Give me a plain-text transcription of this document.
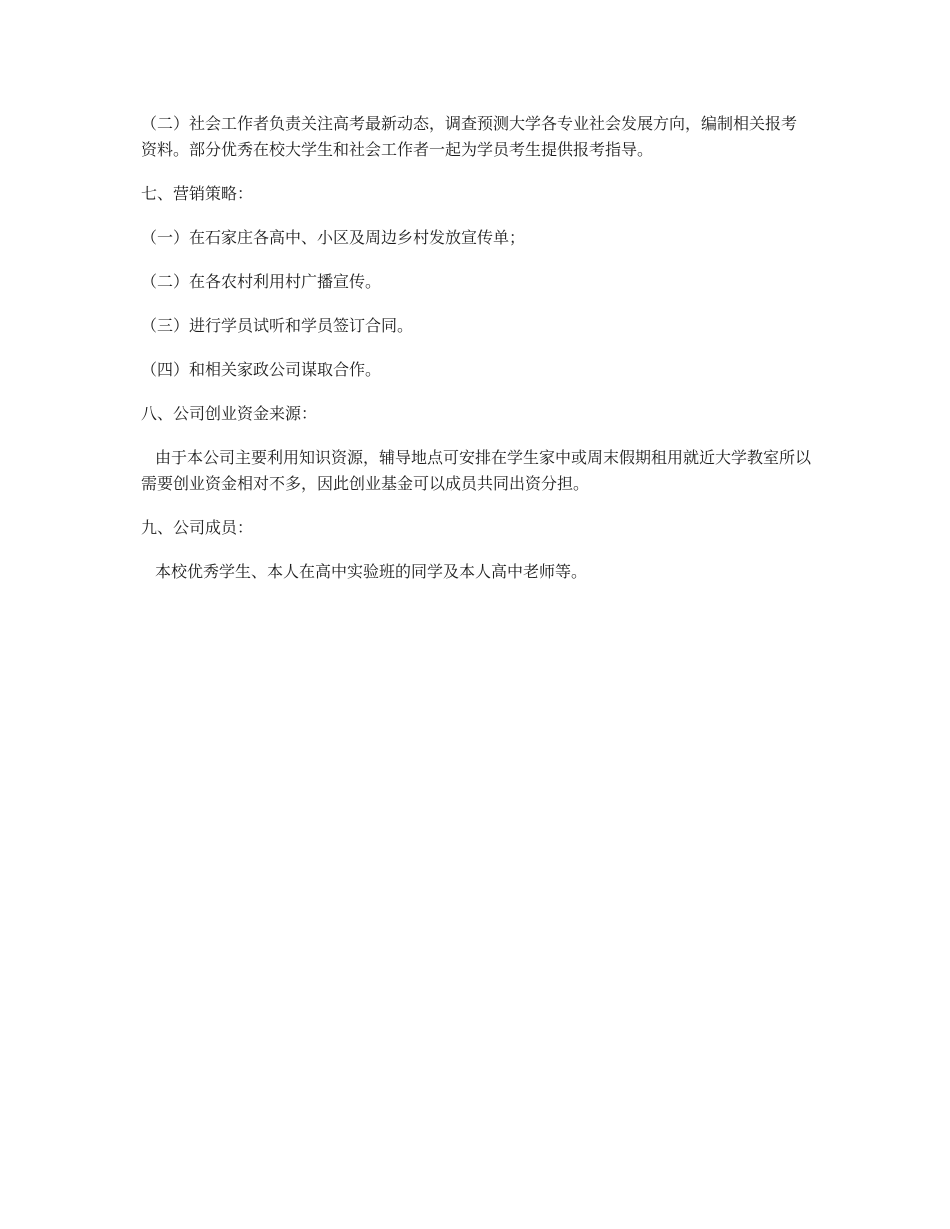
（二）社会工作者负责关注高考最新动态，调查预测大学各专业社会发展方向，编制相关报考资料。部分优秀在校大学生和社会工作者一起为学员考生提供报考指导。

七、营销策略：

（一）在石家庄各高中、小区及周边乡村发放宣传单；

（二）在各农村利用村广播宣传。

（三）进行学员试听和学员签订合同。

（四）和相关家政公司谋取合作。

八、公司创业资金来源：

由于本公司主要利用知识资源，辅导地点可安排在学生家中或周末假期租用就近大学教室所以需要创业资金相对不多，因此创业基金可以成员共同出资分担。

九、公司成员：

本校优秀学生、本人在高中实验班的同学及本人高中老师等。
